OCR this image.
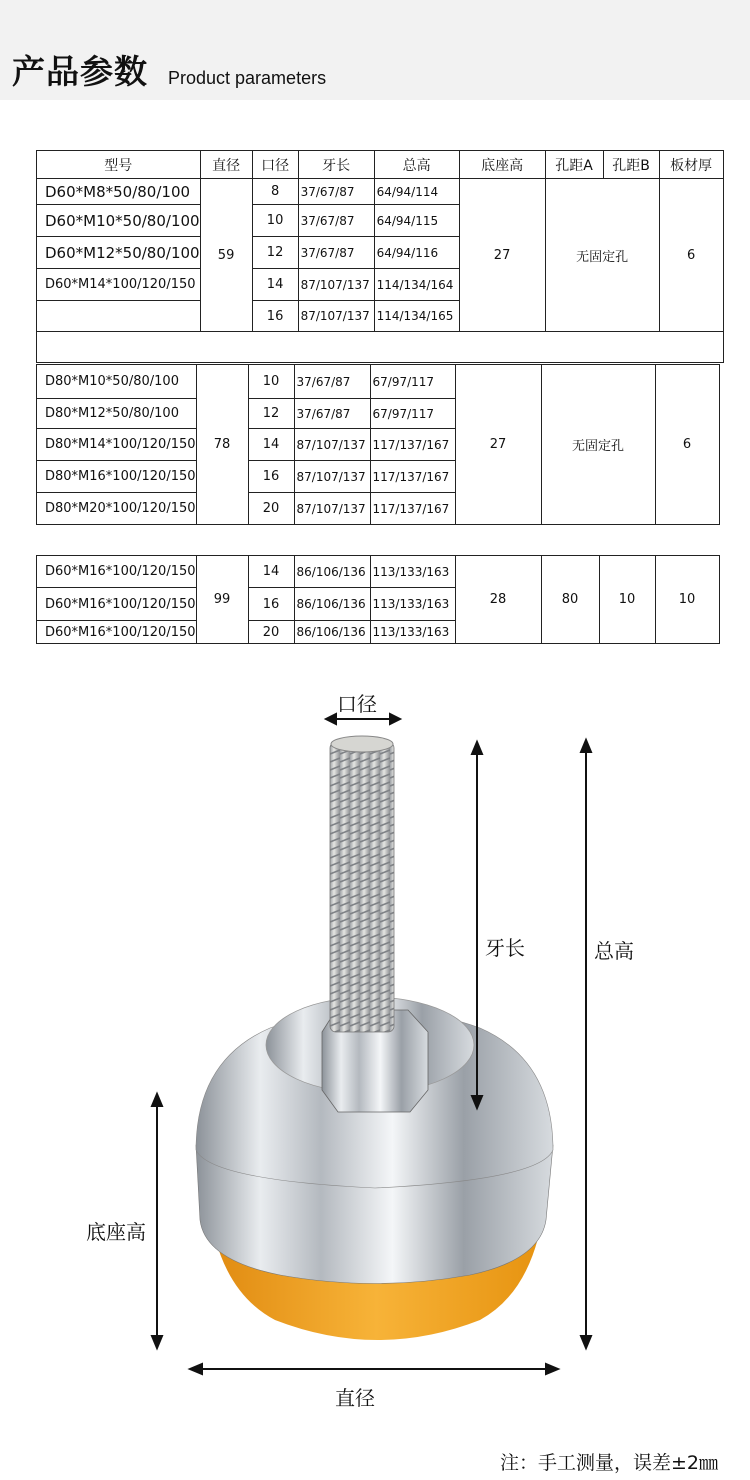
产品参数 Product parameters
型号	直径	口径	牙长	总高	底座高	孔距A	孔距B	板材厚
D60*M8*50/80/100	59	8	37/67/87	64/94/114	27	无固定孔		6
D60*M10*50/80/100		10	37/67/87	64/94/115				
D60*M12*50/80/100		12	37/67/87	64/94/116				
D60*M14*100/120/150		14	87/107/137	114/134/164				
		16	87/107/137	114/134/165				

D80*M10*50/80/100	78	10	37/67/87	67/97/117	27	无固定孔	6
D80*M12*50/80/100		12	37/67/87	67/97/117			
D80*M14*100/120/150		14	87/107/137	117/137/167			
D80*M16*100/120/150		16	87/107/137	117/137/167			
D80*M20*100/120/150		20	87/107/137	117/137/167			
D60*M16*100/120/150	99	14	86/106/136	113/133/163	28	80	10	10
D60*M16*100/120/150		16	86/106/136	113/133/163				
D60*M16*100/120/150		20	86/106/136	113/133/163				
口径
牙长	总高
底座高
直径
注：手工测量，误差±2㎜
